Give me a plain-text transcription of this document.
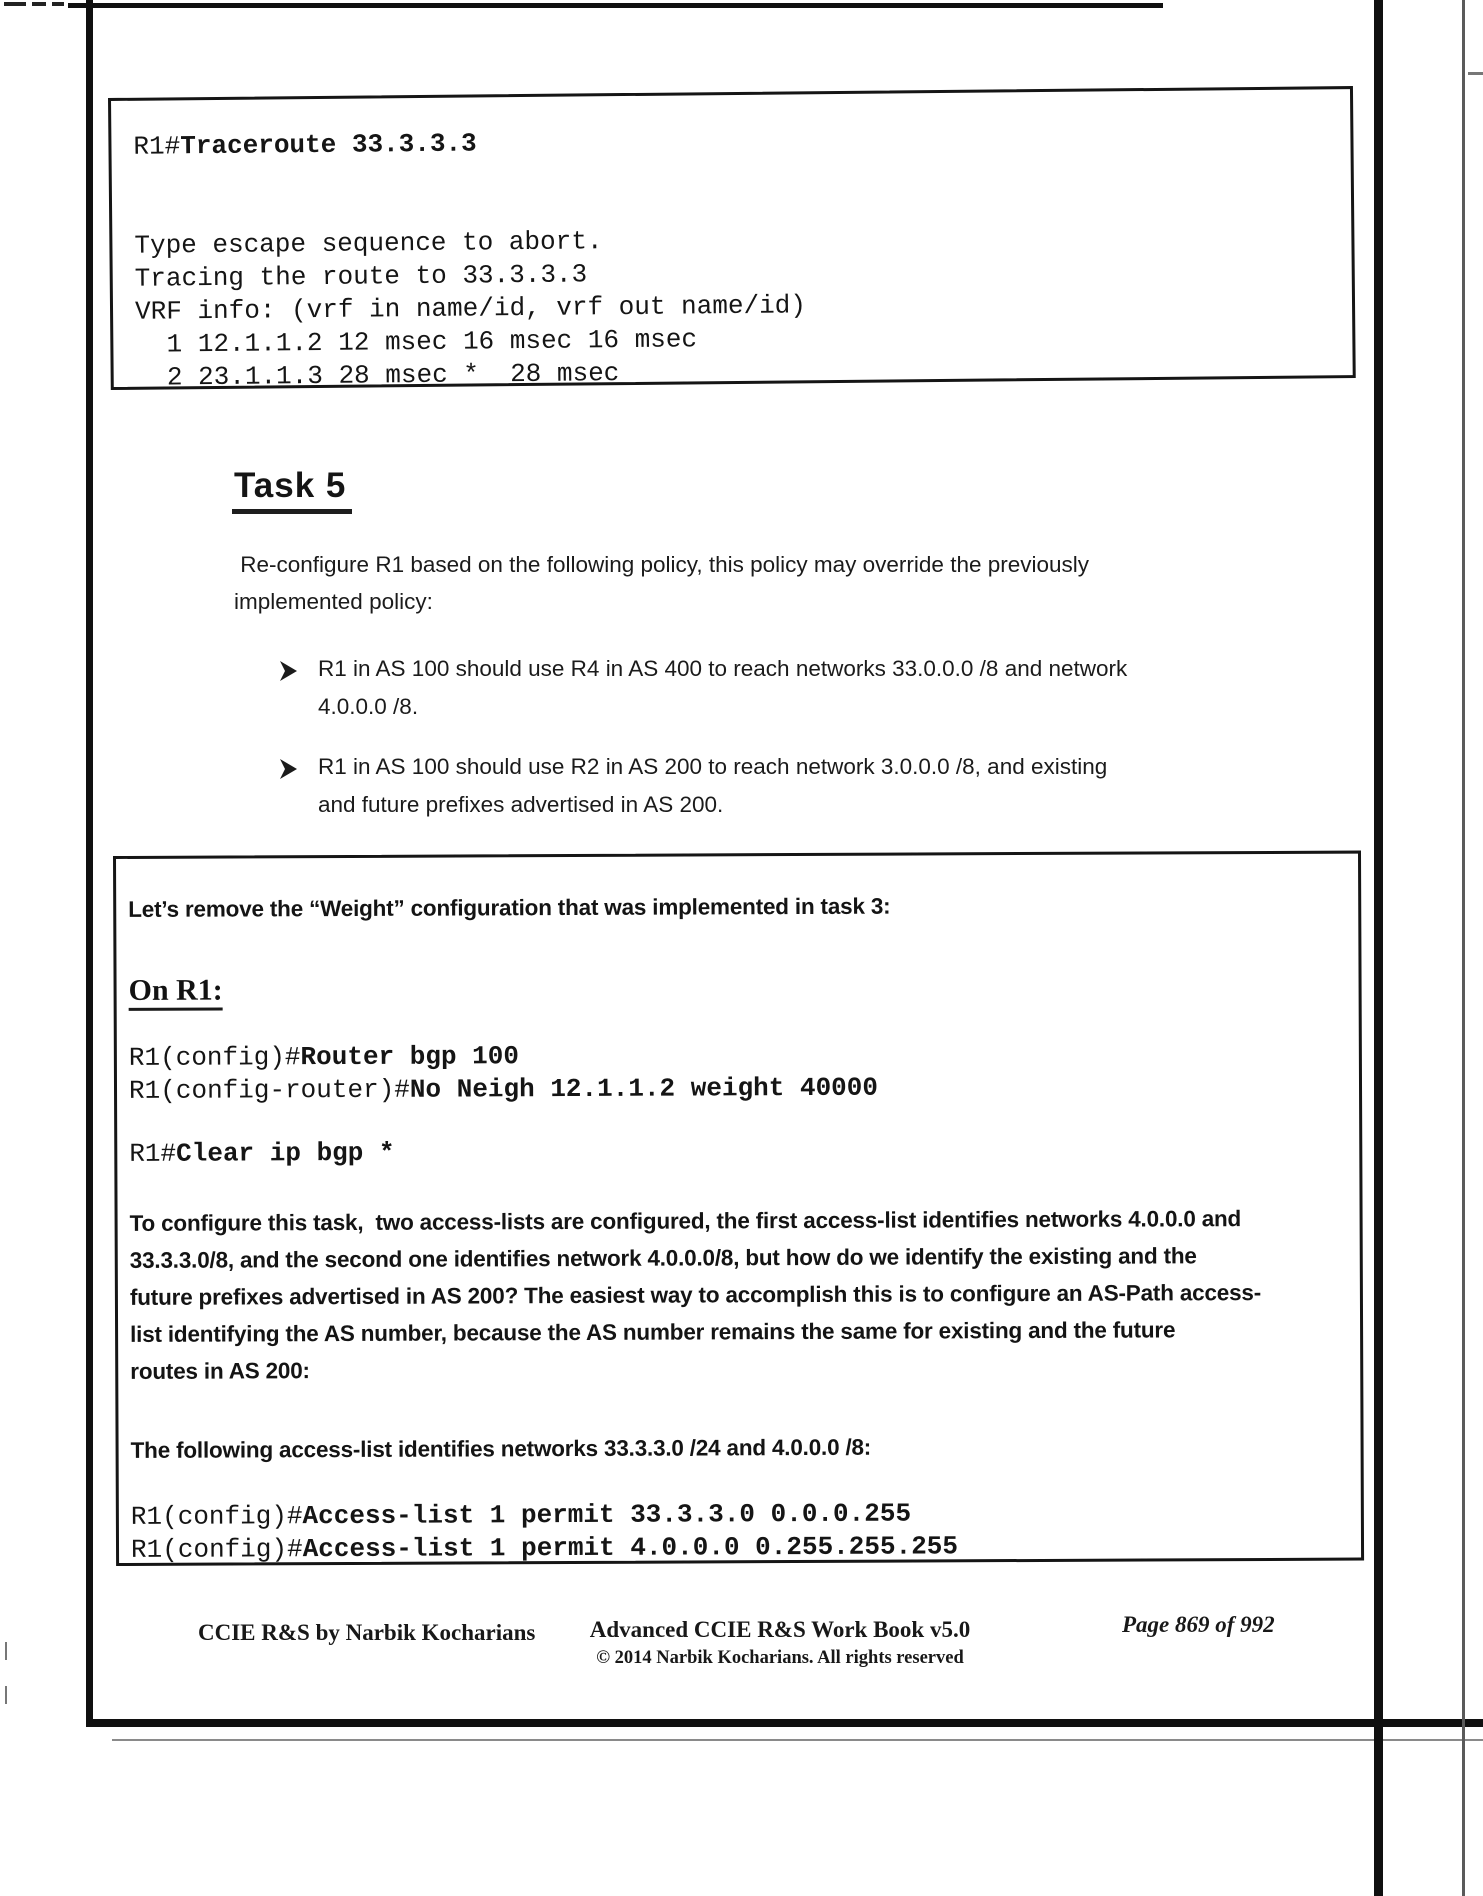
R1#Traceroute 33.3.3.3
Type escape sequence to abort.
Tracing the route to 33.3.3.3
VRF info: (vrf in name/id, vrf out name/id)
1 12.1.1.2 12 msec 16 msec 16 msec
2 23.1.1.3 28 msec *  28 msec
Task 5
Re-configure R1 based on the following policy, this policy may override the previously
implemented policy:
R1 in AS 100 should use R4 in AS 400 to reach networks 33.0.0.0 /8 and network
4.0.0.0 /8.
R1 in AS 100 should use R2 in AS 200 to reach network 3.0.0.0 /8, and existing
and future prefixes advertised in AS 200.
Let’s remove the “Weight” configuration that was implemented in task 3:
On R1:
R1(config)#Router bgp 100
R1(config-router)#No Neigh 12.1.1.2 weight 40000
R1#Clear ip bgp *
To configure this task,  two access-lists are configured, the first access-list identifies networks 4.0.0.0 and
33.3.3.0/8, and the second one identifies network 4.0.0.0/8, but how do we identify the existing and the
future prefixes advertised in AS 200? The easiest way to accomplish this is to configure an AS-Path access-
list identifying the AS number, because the AS number remains the same for existing and the future
routes in AS 200:
The following access-list identifies networks 33.3.3.0 /24 and 4.0.0.0 /8:
R1(config)#Access-list 1 permit 33.3.3.0 0.0.0.255
R1(config)#Access-list 1 permit 4.0.0.0 0.255.255.255
CCIE R&S by Narbik Kocharians	Advanced CCIE R&S Work Book v5.0
© 2014 Narbik Kocharians. All rights reserved
Page 869 of 992
